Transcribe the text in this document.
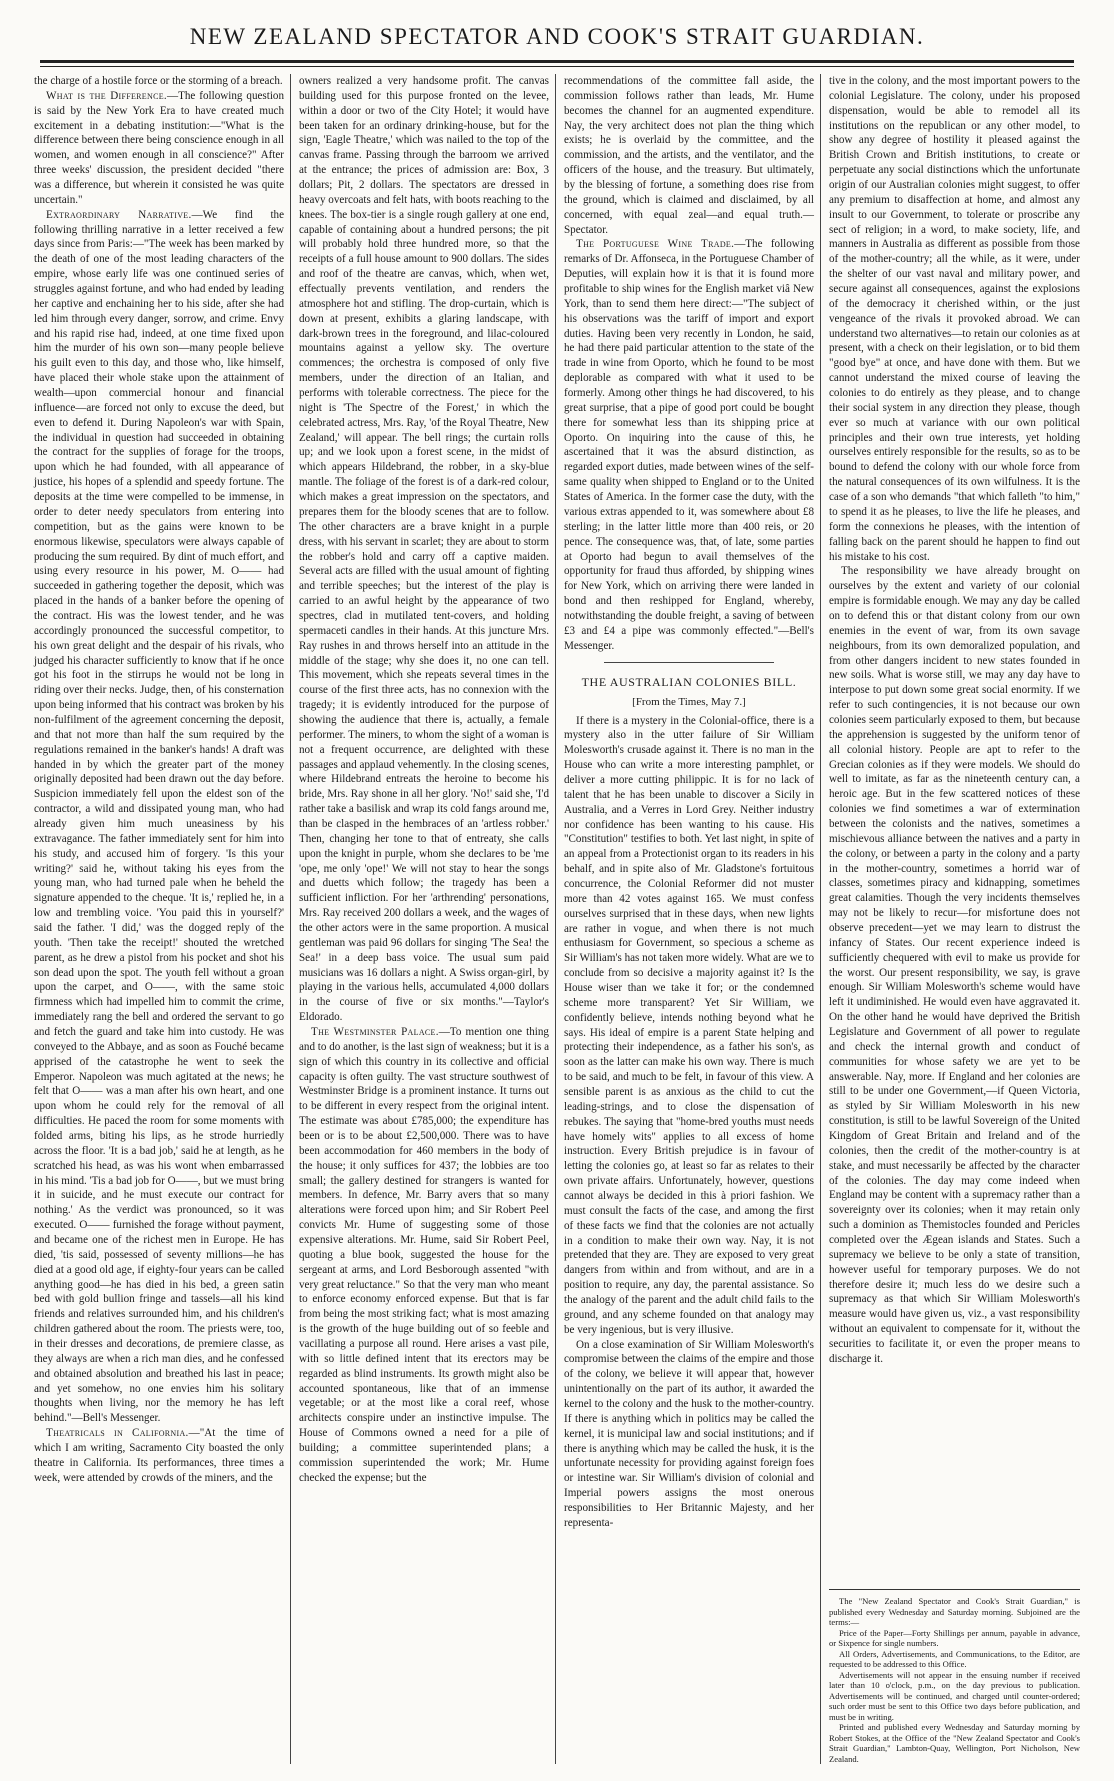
NEW ZEALAND SPECTATOR AND COOK'S STRAIT GUARDIAN.

the charge of a hostile force or the storming of a breach.

What is the Difference.—The following question is said by the New York Era to have created much excitement in a debating institution:—"What is the difference between there being conscience enough in all women, and women enough in all conscience?" After three weeks' discussion, the president decided "there was a difference, but wherein it consisted he was quite uncertain."

Extraordinary Narrative.—We find the following thrilling narrative in a letter received a few days since from Paris:—"The week has been marked by the death of one of the most leading characters of the empire, whose early life was one continued series of struggles against fortune, and who had ended by leading her captive and enchaining her to his side, after she had led him through every danger, sorrow, and crime. Envy and his rapid rise had, indeed, at one time fixed upon him the murder of his own son—many people believe his guilt even to this day, and those who, like himself, have placed their whole stake upon the attainment of wealth—upon commercial honour and financial influence—are forced not only to excuse the deed, but even to defend it. During Napoleon's war with Spain, the individual in question had succeeded in obtaining the contract for the supplies of forage for the troops, upon which he had founded, with all appearance of justice, his hopes of a splendid and speedy fortune. The deposits at the time were compelled to be immense, in order to deter needy speculators from entering into competition, but as the gains were known to be enormous likewise, speculators were always capable of producing the sum required. By dint of much effort, and using every resource in his power, M. O—— had succeeded in gathering together the deposit, which was placed in the hands of a banker before the opening of the contract. His was the lowest tender, and he was accordingly pronounced the successful competitor, to his own great delight and the despair of his rivals, who judged his character sufficiently to know that if he once got his foot in the stirrups he would not be long in riding over their necks. Judge, then, of his consternation upon being informed that his contract was broken by his non-fulfilment of the agreement concerning the deposit, and that not more than half the sum required by the regulations remained in the banker's hands! A draft was handed in by which the greater part of the money originally deposited had been drawn out the day before. Suspicion immediately fell upon the eldest son of the contractor, a wild and dissipated young man, who had already given him much uneasiness by his extravagance. The father immediately sent for him into his study, and accused him of forgery. 'Is this your writing?' said he, without taking his eyes from the young man, who had turned pale when he beheld the signature appended to the cheque. 'It is,' replied he, in a low and trembling voice. 'You paid this in yourself?' said the father. 'I did,' was the dogged reply of the youth. 'Then take the receipt!' shouted the wretched parent, as he drew a pistol from his pocket and shot his son dead upon the spot. The youth fell without a groan upon the carpet, and O——, with the same stoic firmness which had impelled him to commit the crime, immediately rang the bell and ordered the servant to go and fetch the guard and take him into custody. He was conveyed to the Abbaye, and as soon as Fouché became apprised of the catastrophe he went to seek the Emperor. Napoleon was much agitated at the news; he felt that O—— was a man after his own heart, and one upon whom he could rely for the removal of all difficulties. He paced the room for some moments with folded arms, biting his lips, as he strode hurriedly across the floor. 'It is a bad job,' said he at length, as he scratched his head, as was his wont when embarrassed in his mind. 'Tis a bad job for O——, but we must bring it in suicide, and he must execute our contract for nothing.' As the verdict was pronounced, so it was executed. O—— furnished the forage without payment, and became one of the richest men in Europe. He has died, 'tis said, possessed of seventy millions—he has died at a good old age, if eighty-four years can be called anything good—he has died in his bed, a green satin bed with gold bullion fringe and tassels—all his kind friends and relatives surrounded him, and his children's children gathered about the room. The priests were, too, in their dresses and decorations, de premiere classe, as they always are when a rich man dies, and he confessed and obtained absolution and breathed his last in peace; and yet somehow, no one envies him his solitary thoughts when living, nor the memory he has left behind."—Bell's Messenger.

Theatricals in California.—"At the time of which I am writing, Sacramento City boasted the only theatre in California. Its performances, three times a week, were attended by crowds of the miners, and the

owners realized a very handsome profit. The canvas building used for this purpose fronted on the levee, within a door or two of the City Hotel; it would have been taken for an ordinary drinking-house, but for the sign, 'Eagle Theatre,' which was nailed to the top of the canvas frame. Passing through the barroom we arrived at the entrance; the prices of admission are: Box, 3 dollars; Pit, 2 dollars. The spectators are dressed in heavy overcoats and felt hats, with boots reaching to the knees. The box-tier is a single rough gallery at one end, capable of containing about a hundred persons; the pit will probably hold three hundred more, so that the receipts of a full house amount to 900 dollars. The sides and roof of the theatre are canvas, which, when wet, effectually prevents ventilation, and renders the atmosphere hot and stifling. The drop-curtain, which is down at present, exhibits a glaring landscape, with dark-brown trees in the foreground, and lilac-coloured mountains against a yellow sky. The overture commences; the orchestra is composed of only five members, under the direction of an Italian, and performs with tolerable correctness. The piece for the night is 'The Spectre of the Forest,' in which the celebrated actress, Mrs. Ray, 'of the Royal Theatre, New Zealand,' will appear. The bell rings; the curtain rolls up; and we look upon a forest scene, in the midst of which appears Hildebrand, the robber, in a sky-blue mantle. The foliage of the forest is of a dark-red colour, which makes a great impression on the spectators, and prepares them for the bloody scenes that are to follow. The other characters are a brave knight in a purple dress, with his servant in scarlet; they are about to storm the robber's hold and carry off a captive maiden. Several acts are filled with the usual amount of fighting and terrible speeches; but the interest of the play is carried to an awful height by the appearance of two spectres, clad in mutilated tent-covers, and holding spermaceti candles in their hands. At this juncture Mrs. Ray rushes in and throws herself into an attitude in the middle of the stage; why she does it, no one can tell. This movement, which she repeats several times in the course of the first three acts, has no connexion with the tragedy; it is evidently introduced for the purpose of showing the audience that there is, actually, a female performer. The miners, to whom the sight of a woman is not a frequent occurrence, are delighted with these passages and applaud vehemently. In the closing scenes, where Hildebrand entreats the heroine to become his bride, Mrs. Ray shone in all her glory. 'No!' said she, 'I'd rather take a basilisk and wrap its cold fangs around me, than be clasped in the hembraces of an 'artless robber.' Then, changing her tone to that of entreaty, she calls upon the knight in purple, whom she declares to be 'me 'ope, me only 'ope!' We will not stay to hear the songs and duetts which follow; the tragedy has been a sufficient infliction. For her 'arthrending' personations, Mrs. Ray received 200 dollars a week, and the wages of the other actors were in the same proportion. A musical gentleman was paid 96 dollars for singing 'The Sea! the Sea!' in a deep bass voice. The usual sum paid musicians was 16 dollars a night. A Swiss organ-girl, by playing in the various hells, accumulated 4,000 dollars in the course of five or six months."—Taylor's Eldorado.

The Westminster Palace.—To mention one thing and to do another, is the last sign of weakness; but it is a sign of which this country in its collective and official capacity is often guilty. The vast structure southwest of Westminster Bridge is a prominent instance. It turns out to be different in every respect from the original intent. The estimate was about £785,000; the expenditure has been or is to be about £2,500,000. There was to have been accommodation for 460 members in the body of the house; it only suffices for 437; the lobbies are too small; the gallery destined for strangers is wanted for members. In defence, Mr. Barry avers that so many alterations were forced upon him; and Sir Robert Peel convicts Mr. Hume of suggesting some of those expensive alterations. Mr. Hume, said Sir Robert Peel, quoting a blue book, suggested the house for the sergeant at arms, and Lord Besborough assented "with very great reluctance." So that the very man who meant to enforce economy enforced expense. But that is far from being the most striking fact; what is most amazing is the growth of the huge building out of so feeble and vacillating a purpose all round. Here arises a vast pile, with so little defined intent that its erectors may be regarded as blind instruments. Its growth might also be accounted spontaneous, like that of an immense vegetable; or at the most like a coral reef, whose architects conspire under an instinctive impulse. The House of Commons owned a need for a pile of building; a committee superintended plans; a commission superintended the work; Mr. Hume checked the expense; but the

recommendations of the committee fall aside, the commission follows rather than leads, Mr. Hume becomes the channel for an augmented expenditure. Nay, the very architect does not plan the thing which exists; he is overlaid by the committee, and the commission, and the artists, and the ventilator, and the officers of the house, and the treasury. But ultimately, by the blessing of fortune, a something does rise from the ground, which is claimed and disclaimed, by all concerned, with equal zeal—and equal truth.—Spectator.

The Portuguese Wine Trade.—The following remarks of Dr. Affonseca, in the Portuguese Chamber of Deputies, will explain how it is that it is found more profitable to ship wines for the English market viâ New York, than to send them here direct:—"The subject of his observations was the tariff of import and export duties. Having been very recently in London, he said, he had there paid particular attention to the state of the trade in wine from Oporto, which he found to be most deplorable as compared with what it used to be formerly. Among other things he had discovered, to his great surprise, that a pipe of good port could be bought there for somewhat less than its shipping price at Oporto. On inquiring into the cause of this, he ascertained that it was the absurd distinction, as regarded export duties, made between wines of the self-same quality when shipped to England or to the United States of America. In the former case the duty, with the various extras appended to it, was somewhere about £8 sterling; in the latter little more than 400 reis, or 20 pence. The consequence was, that, of late, some parties at Oporto had begun to avail themselves of the opportunity for fraud thus afforded, by shipping wines for New York, which on arriving there were landed in bond and then reshipped for England, whereby, notwithstanding the double freight, a saving of between £3 and £4 a pipe was commonly effected."—Bell's Messenger.

THE AUSTRALIAN COLONIES BILL.
[From the Times, May 7.]

If there is a mystery in the Colonial-office, there is a mystery also in the utter failure of Sir William Molesworth's crusade against it. There is no man in the House who can write a more interesting pamphlet, or deliver a more cutting philippic. It is for no lack of talent that he has been unable to discover a Sicily in Australia, and a Verres in Lord Grey. Neither industry nor confidence has been wanting to his cause. His "Constitution" testifies to both. Yet last night, in spite of an appeal from a Protectionist organ to its readers in his behalf, and in spite also of Mr. Gladstone's fortuitous concurrence, the Colonial Reformer did not muster more than 42 votes against 165. We must confess ourselves surprised that in these days, when new lights are rather in vogue, and when there is not much enthusiasm for Government, so specious a scheme as Sir William's has not taken more widely. What are we to conclude from so decisive a majority against it? Is the House wiser than we take it for; or the condemned scheme more transparent? Yet Sir William, we confidently believe, intends nothing beyond what he says. His ideal of empire is a parent State helping and protecting their independence, as a father his son's, as soon as the latter can make his own way. There is much to be said, and much to be felt, in favour of this view. A sensible parent is as anxious as the child to cut the leading-strings, and to close the dispensation of rebukes. The saying that "home-bred youths must needs have homely wits" applies to all excess of home instruction. Every British prejudice is in favour of letting the colonies go, at least so far as relates to their own private affairs. Unfortunately, however, questions cannot always be decided in this à priori fashion. We must consult the facts of the case, and among the first of these facts we find that the colonies are not actually in a condition to make their own way. Nay, it is not pretended that they are. They are exposed to very great dangers from within and from without, and are in a position to require, any day, the parental assistance. So the analogy of the parent and the adult child fails to the ground, and any scheme founded on that analogy may be very ingenious, but is very illusive.

On a close examination of Sir William Molesworth's compromise between the claims of the empire and those of the colony, we believe it will appear that, however unintentionally on the part of its author, it awarded the kernel to the colony and the husk to the mother-country. If there is anything which in politics may be called the kernel, it is municipal law and social institutions; and if there is anything which may be called the husk, it is the unfortunate necessity for providing against foreign foes or intestine war. Sir William's division of colonial and Imperial powers assigns the most onerous responsibilities to Her Britannic Majesty, and her representa-

tive in the colony, and the most important powers to the colonial Legislature. The colony, under his proposed dispensation, would be able to remodel all its institutions on the republican or any other model, to show any degree of hostility it pleased against the British Crown and British institutions, to create or perpetuate any social distinctions which the unfortunate origin of our Australian colonies might suggest, to offer any premium to disaffection at home, and almost any insult to our Government, to tolerate or proscribe any sect of religion; in a word, to make society, life, and manners in Australia as different as possible from those of the mother-country; all the while, as it were, under the shelter of our vast naval and military power, and secure against all consequences, against the explosions of the democracy it cherished within, or the just vengeance of the rivals it provoked abroad. We can understand two alternatives—to retain our colonies as at present, with a check on their legislation, or to bid them "good bye" at once, and have done with them. But we cannot understand the mixed course of leaving the colonies to do entirely as they please, and to change their social system in any direction they please, though ever so much at variance with our own political principles and their own true interests, yet holding ourselves entirely responsible for the results, so as to be bound to defend the colony with our whole force from the natural consequences of its own wilfulness. It is the case of a son who demands "that which falleth "to him," to spend it as he pleases, to live the life he pleases, and form the connexions he pleases, with the intention of falling back on the parent should he happen to find out his mistake to his cost.

The responsibility we have already brought on ourselves by the extent and variety of our colonial empire is formidable enough. We may any day be called on to defend this or that distant colony from our own enemies in the event of war, from its own savage neighbours, from its own demoralized population, and from other dangers incident to new states founded in new soils. What is worse still, we may any day have to interpose to put down some great social enormity. If we refer to such contingencies, it is not because our own colonies seem particularly exposed to them, but because the apprehension is suggested by the uniform tenor of all colonial history. People are apt to refer to the Grecian colonies as if they were models. We should do well to imitate, as far as the nineteenth century can, a heroic age. But in the few scattered notices of these colonies we find sometimes a war of extermination between the colonists and the natives, sometimes a mischievous alliance between the natives and a party in the colony, or between a party in the colony and a party in the mother-country, sometimes a horrid war of classes, sometimes piracy and kidnapping, sometimes great calamities. Though the very incidents themselves may not be likely to recur—for misfortune does not observe precedent—yet we may learn to distrust the infancy of States. Our recent experience indeed is sufficiently chequered with evil to make us provide for the worst. Our present responsibility, we say, is grave enough. Sir William Molesworth's scheme would have left it undiminished. He would even have aggravated it. On the other hand he would have deprived the British Legislature and Government of all power to regulate and check the internal growth and conduct of communities for whose safety we are yet to be answerable. Nay, more. If England and her colonies are still to be under one Government,—if Queen Victoria, as styled by Sir William Molesworth in his new constitution, is still to be lawful Sovereign of the United Kingdom of Great Britain and Ireland and of the colonies, then the credit of the mother-country is at stake, and must necessarily be affected by the character of the colonies. The day may come indeed when England may be content with a supremacy rather than a sovereignty over its colonies; when it may retain only such a dominion as Themistocles founded and Pericles completed over the Ægean islands and States. Such a supremacy we believe to be only a state of transition, however useful for temporary purposes. We do not therefore desire it; much less do we desire such a supremacy as that which Sir William Molesworth's measure would have given us, viz., a vast responsibility without an equivalent to compensate for it, without the securities to facilitate it, or even the proper means to discharge it.

The "New Zealand Spectator and Cook's Strait Guardian," is published every Wednesday and Saturday morning. Subjoined are the terms:—

Price of the Paper—Forty Shillings per annum, payable in advance, or Sixpence for single numbers.

All Orders, Advertisements, and Communications, to the Editor, are requested to be addressed to this Office.

Advertisements will not appear in the ensuing number if received later than 10 o'clock, p.m., on the day previous to publication. Advertisements will be continued, and charged until counter-ordered; such order must be sent to this Office two days before publication, and must be in writing.

Printed and published every Wednesday and Saturday morning by Robert Stokes, at the Office of the "New Zealand Spectator and Cook's Strait Guardian," Lambton-Quay, Wellington, Port Nicholson, New Zealand.
